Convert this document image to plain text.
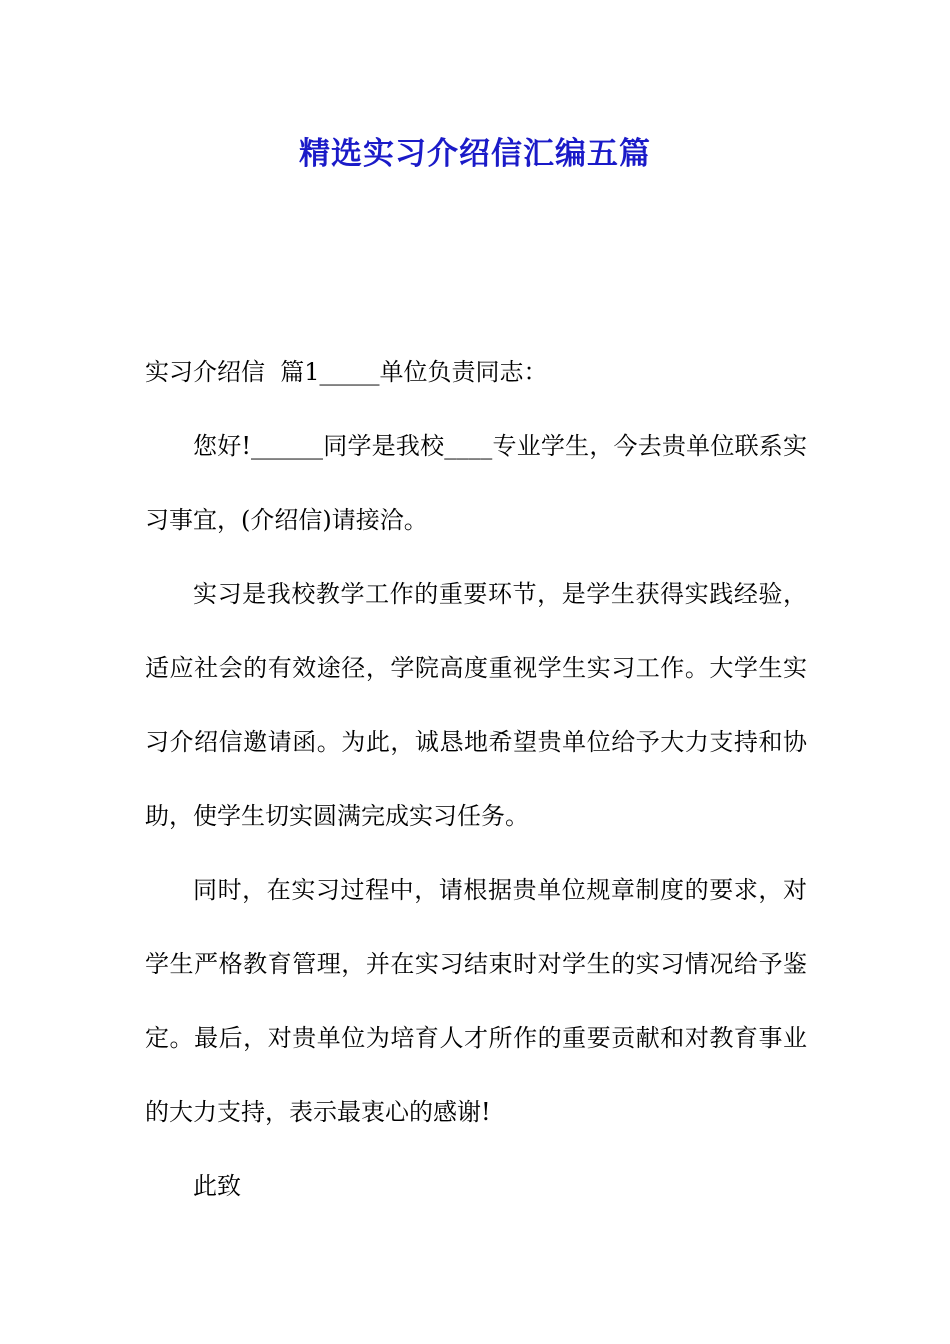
精选实习介绍信汇编五篇

实习介绍信  篇1_____单位负责同志：

您好!______同学是我校____专业学生，今去贵单位联系实习事宜，(介绍信)请接洽。

实习是我校教学工作的重要环节，是学生获得实践经验，适应社会的有效途径，学院高度重视学生实习工作。大学生实习介绍信邀请函。为此，诚恳地希望贵单位给予大力支持和协助，使学生切实圆满完成实习任务。

同时，在实习过程中，请根据贵单位规章制度的要求，对学生严格教育管理，并在实习结束时对学生的实习情况给予鉴定。最后，对贵单位为培育人才所作的重要贡献和对教育事业的大力支持，表示最衷心的感谢!

此致
